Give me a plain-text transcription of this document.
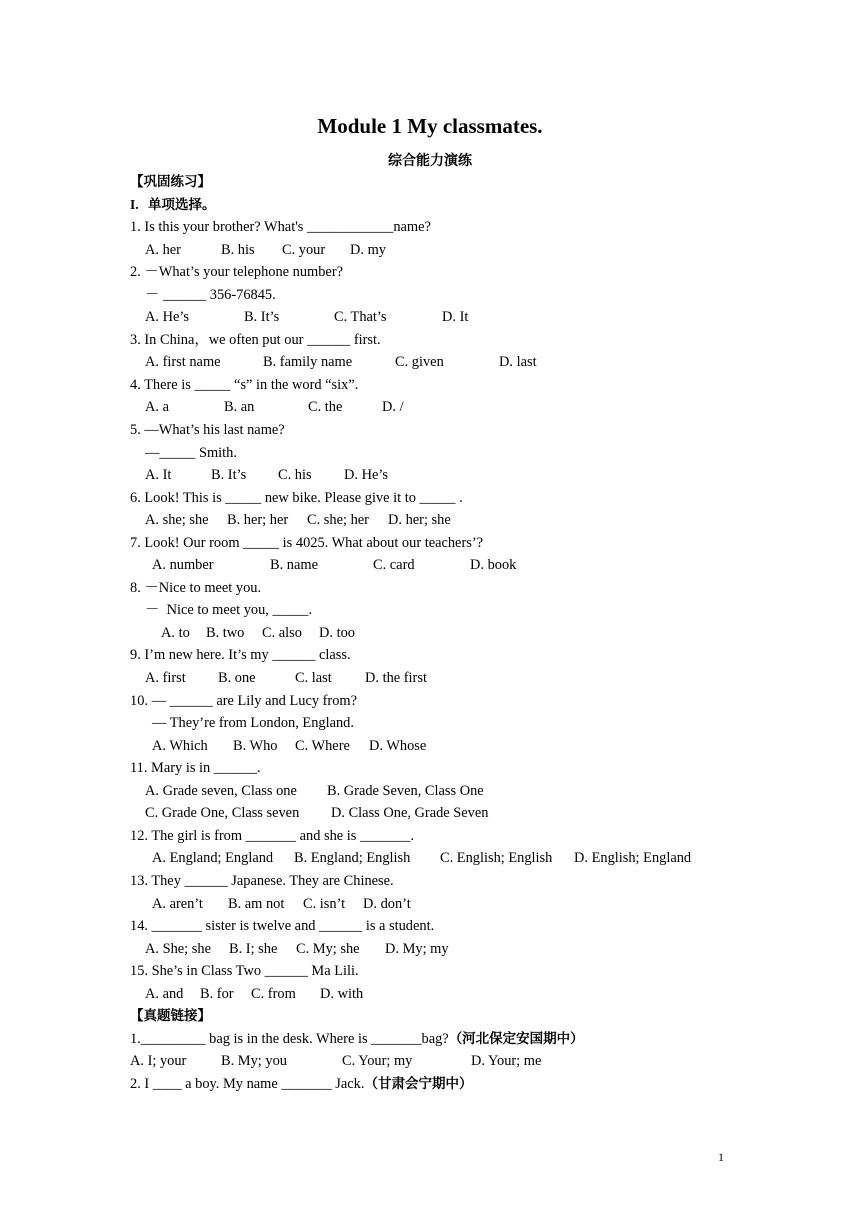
Module 1 My classmates.
综合能力演练
【巩固练习】
I. 单项选择。
1. Is this your brother? What's ____________name?
A. her	B. his	C. your	D. my
2. －What’s your telephone number?
－ ______ 356-76845.
A. He’s	B. It’s	C. That’s	D. It
3. In China，we often put our ______ first.
A. first name	B. family name	C. given	D. last
4. There is _____ “s” in the word “six”.
A. a	B. an	C. the	D. /
5. —What’s his last name?
—_____ Smith.
A. It	B. It’s	C. his	D. He’s
6. Look! This is _____ new bike. Please give it to _____ .
A. she; she	B. her; her	C. she; her	D. her; she
7. Look! Our room _____ is 4025. What about our teachers’?
A. number	B. name	C. card	D. book
8. －Nice to meet you.
－  Nice to meet you, _____.
A. to	B. two	C. also	D. too
9. I’m new here. It’s my ______ class.
A. first	B. one	C. last	D. the first
10. — ______ are Lily and Lucy from?
— They’re from London, England.
A. Which	B. Who	C. Where	D. Whose
11. Mary is in ______.
A. Grade seven, Class one	B. Grade Seven, Class One
C. Grade One, Class seven	D. Class One, Grade Seven
12. The girl is from _______ and she is _______.
A. England; England	B. England; English	C. English; English	D. English; England
13. They ______ Japanese. They are Chinese.
A. aren’t	B. am not	C. isn’t	D. don’t
14. _______ sister is twelve and ______ is a student.
A. She; she	B. I; she	C. My; she	D. My; my
15. She’s in Class Two ______ Ma Lili.
A. and	B. for	C. from	D. with
【真题链接】
1._________ bag is in the desk. Where is _______bag?（河北保定安国期中）
A. I; your	B. My; you	C. Your; my	D. Your; me
2. I ____ a boy. My name _______ Jack.（甘肃会宁期中）
1
